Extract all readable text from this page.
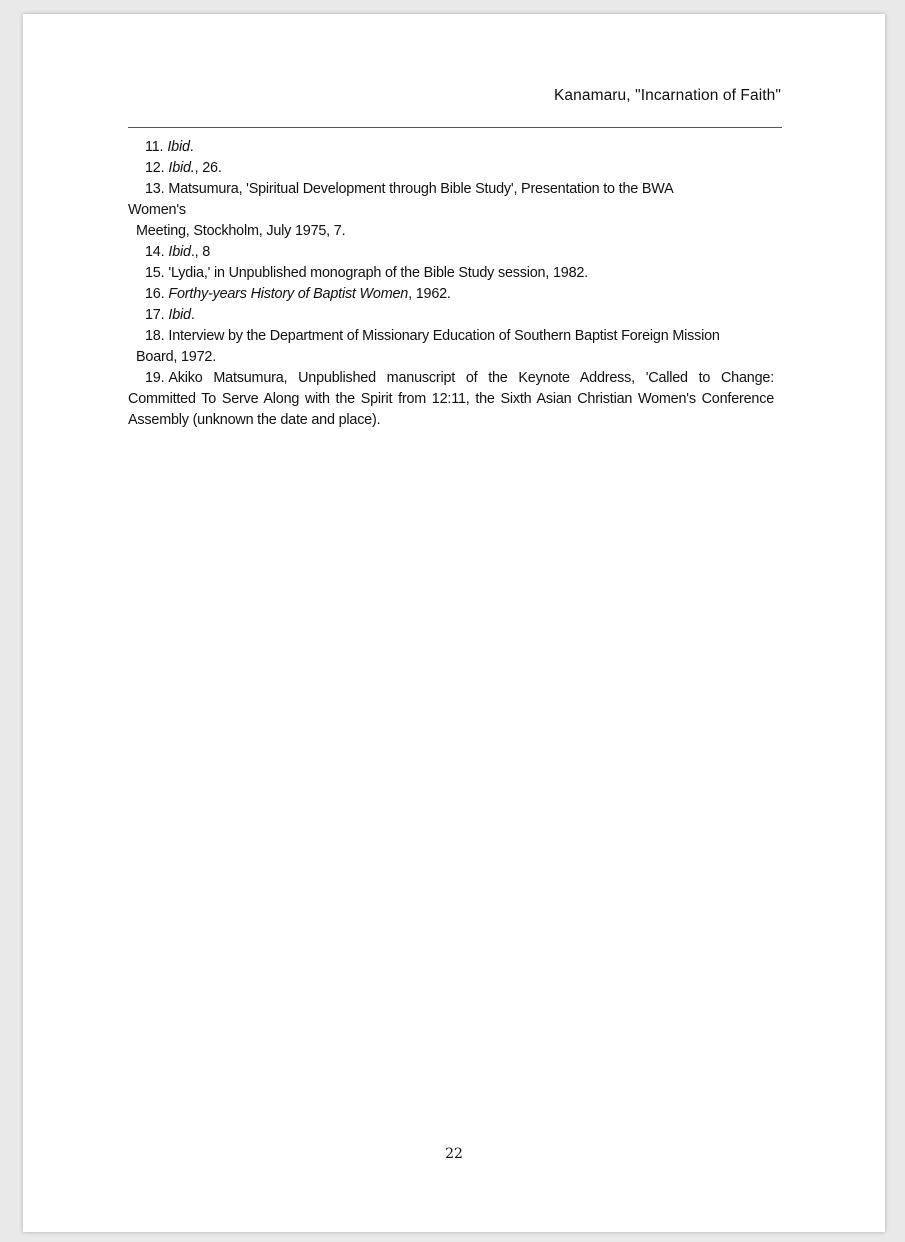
Kanamaru, "Incarnation of Faith"

11. Ibid.

12. Ibid., 26.

13. Matsumura, 'Spiritual Development through Bible Study', Presentation to the BWA

Women's

Meeting, Stockholm, July 1975, 7.

14. Ibid., 8

15. 'Lydia,' in Unpublished monograph of the Bible Study session, 1982.

16. Forthy-years History of Baptist Women, 1962.

17. Ibid.

18. Interview by the Department of Missionary Education of Southern Baptist Foreign Mission

Board, 1972.

19. Akiko Matsumura, Unpublished manuscript of the Keynote Address, 'Called to Change: Committed To Serve Along with the Spirit from 12:11, the Sixth Asian Christian Women's Conference Assembly (unknown the date and place).

22
